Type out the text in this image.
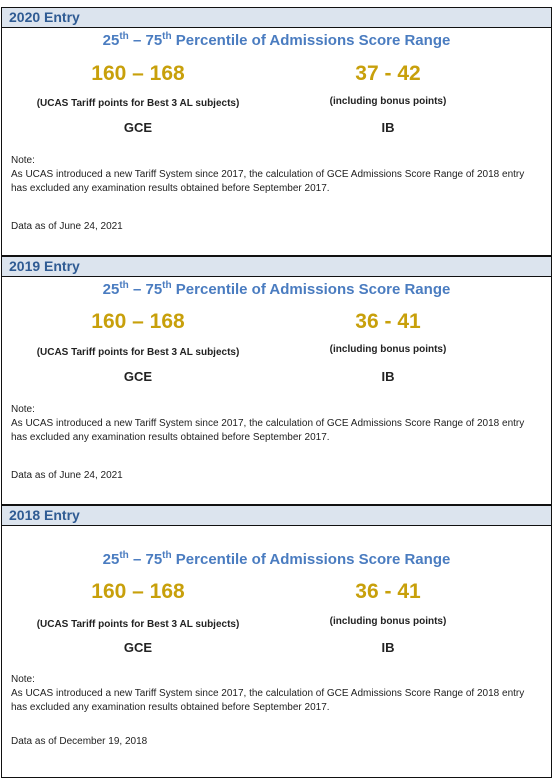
2020 Entry
25th – 75th Percentile of Admissions Score Range
160 – 168	37 - 42
(UCAS Tariff points for Best 3 AL subjects)	(including bonus points)
GCE	IB
Note:
As UCAS introduced a new Tariff System since 2017, the calculation of GCE Admissions Score Range of 2018 entry has excluded any examination results obtained before September 2017.
Data as of June 24, 2021
2019 Entry
25th – 75th Percentile of Admissions Score Range
160 – 168	36 - 41
(UCAS Tariff points for Best 3 AL subjects)	(including bonus points)
GCE	IB
Note:
As UCAS introduced a new Tariff System since 2017, the calculation of GCE Admissions Score Range of 2018 entry has excluded any examination results obtained before September 2017.
Data as of June 24, 2021
2018 Entry
25th – 75th Percentile of Admissions Score Range
160 – 168	36 - 41
(UCAS Tariff points for Best 3 AL subjects)	(including bonus points)
GCE	IB
Note:
As UCAS introduced a new Tariff System since 2017, the calculation of GCE Admissions Score Range of 2018 entry has excluded any examination results obtained before September 2017.
Data as of December 19, 2018
